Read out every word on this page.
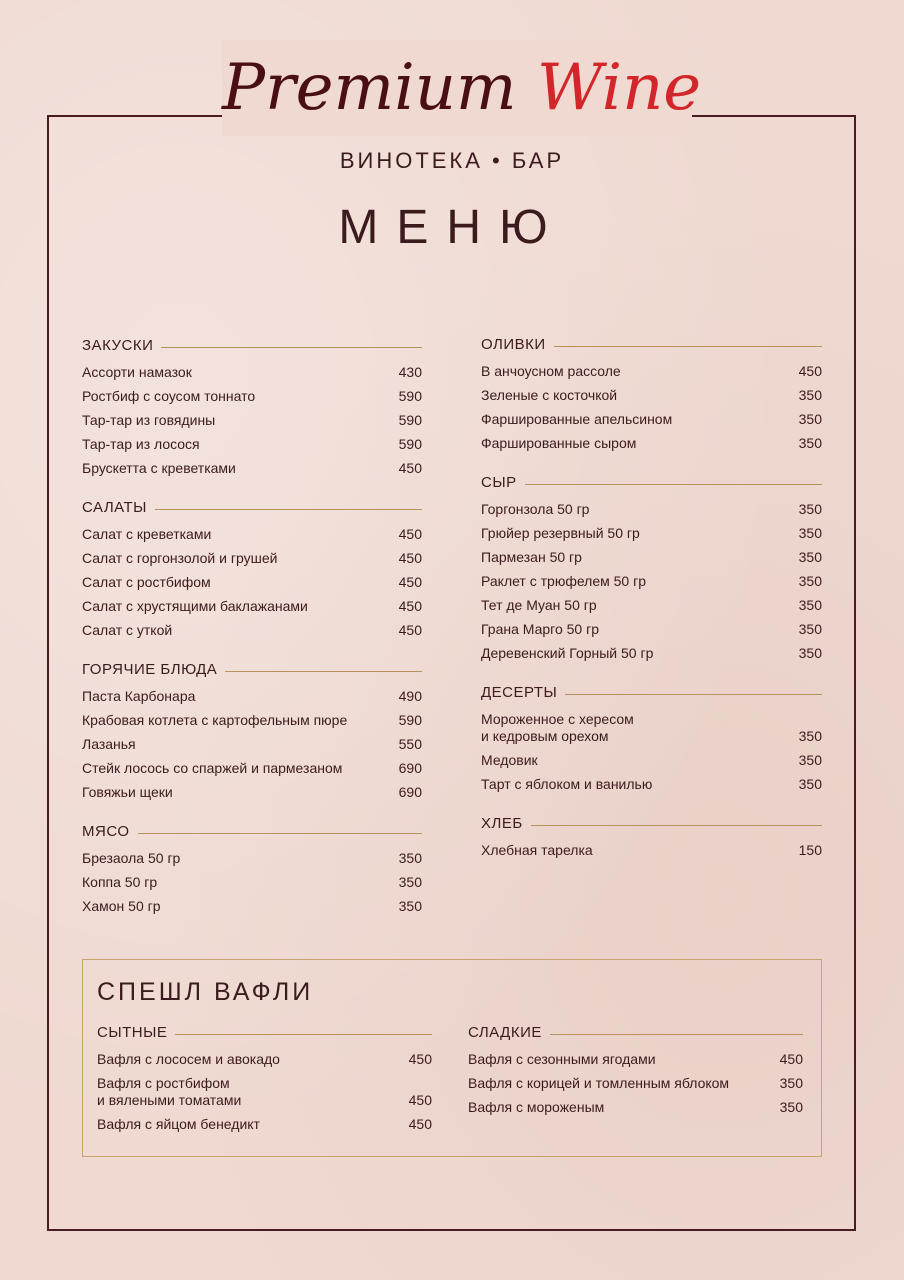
Premium Wine
ВИНОТЕКА • БАР
МЕНЮ
ЗАКУСКИ
Ассорти намазок	430
Ростбиф с соусом тоннато	590
Тар-тар из говядины	590
Тар-тар из лосося	590
Брускетта с креветками	450
САЛАТЫ
Салат с креветками	450
Салат с горгонзолой и грушей	450
Салат с ростбифом	450
Салат с хрустящими баклажанами	450
Салат с уткой	450
ГОРЯЧИЕ БЛЮДА
Паста Карбонара	490
Крабовая котлета с картофельным пюре	590
Лазанья	550
Стейк лосось со спаржей и пармезаном	690
Говяжьи щеки	690
МЯСО
Брезаола 50 гр	350
Коппа 50 гр	350
Хамон 50 гр	350
ОЛИВКИ
В анчоусном рассоле	450
Зеленые с косточкой	350
Фаршированные апельсином	350
Фаршированные сыром	350
СЫР
Горгонзола 50 гр	350
Грюйер резервный 50 гр	350
Пармезан 50 гр	350
Раклет с трюфелем 50 гр	350
Тет де Муан 50 гр	350
Грана Марго 50 гр	350
Деревенский Горный 50 гр	350
ДЕСЕРТЫ
Мороженное с хересом
и кедровым орехом	350
Медовик	350
Тарт с яблоком и ванилью	350
ХЛЕБ
Хлебная тарелка	150
СПЕШЛ ВАФЛИ
СЫТНЫЕ
Вафля с лососем и авокадо	450
Вафля с ростбифом
и вялеными томатами	450
Вафля с яйцом бенедикт	450
СЛАДКИЕ
Вафля с сезонными ягодами	450
Вафля с корицей и томленным яблоком	350
Вафля с мороженым	350
